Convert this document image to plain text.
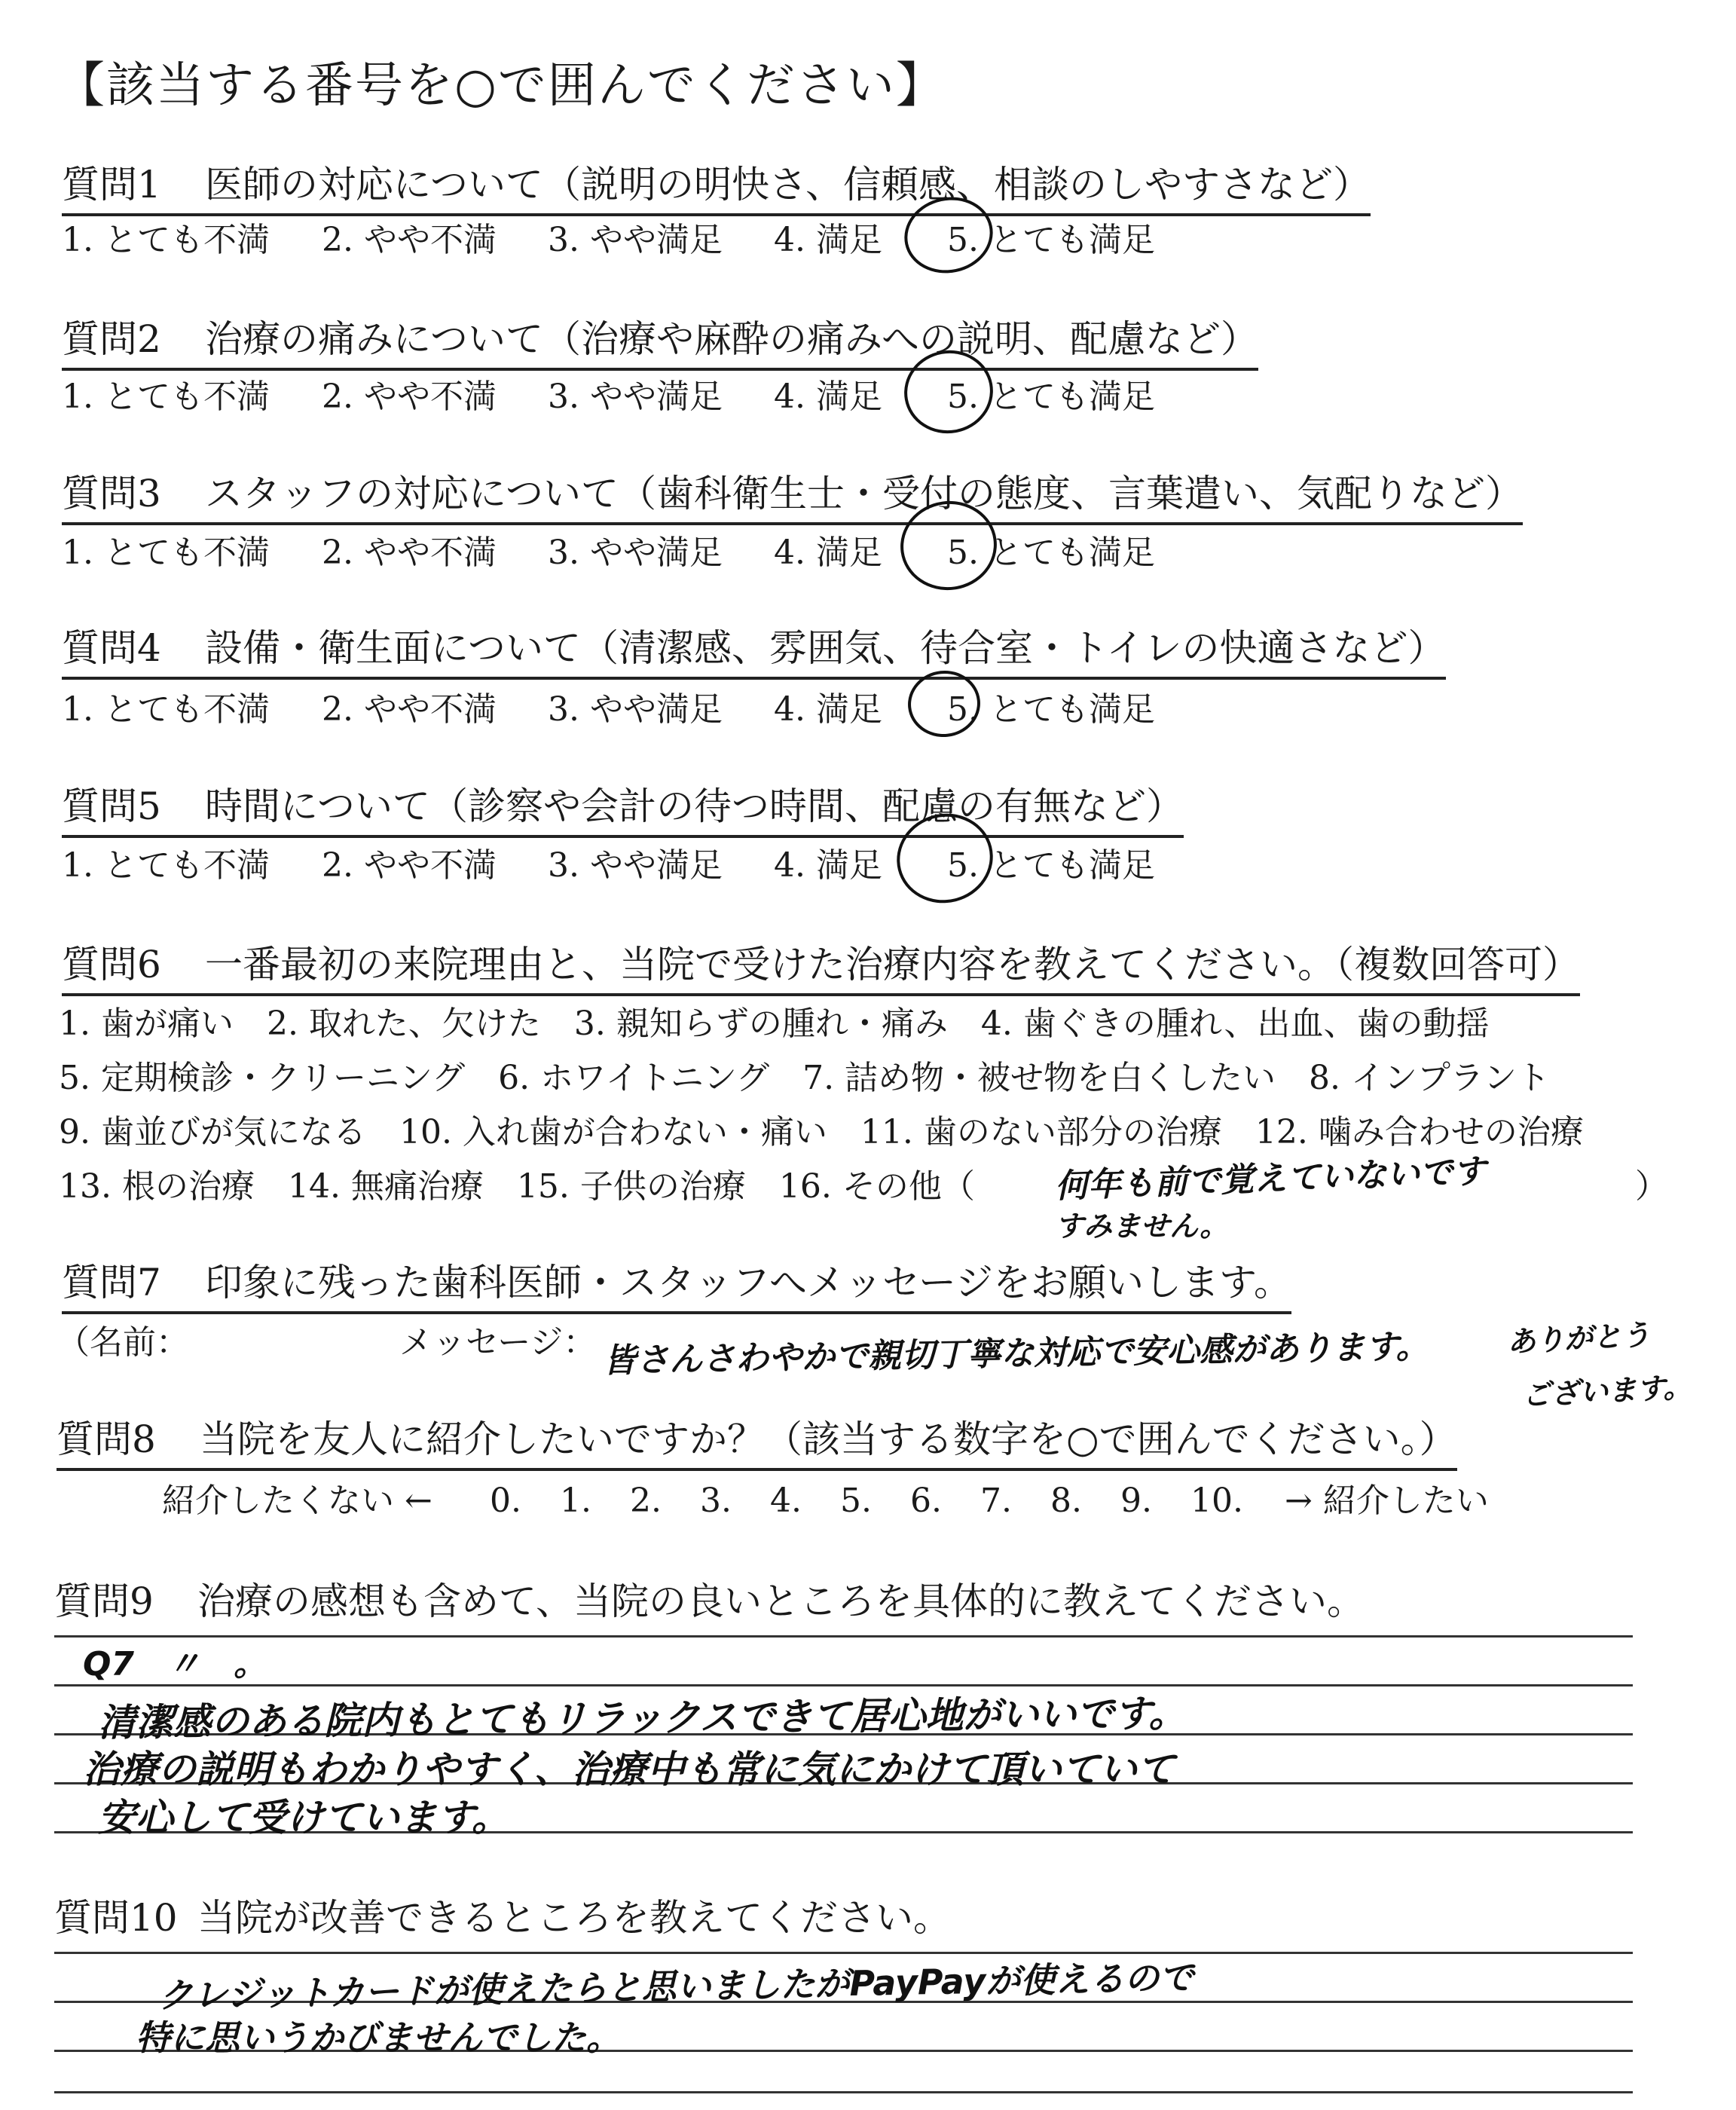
【該当する番号を○で囲んでください】
質問1 医師の対応について（説明の明快さ、信頼感、相談のしやすさなど）
1. とても不満 2. やや不満 3. やや満足 4. 満足 5. とても満足
質問2 治療の痛みについて（治療や麻酔の痛みへの説明、配慮など）
1. とても不満 2. やや不満 3. やや満足 4. 満足 5. とても満足
質問3 スタッフの対応について（歯科衛生士・受付の態度、言葉遣い、気配りなど）
1. とても不満 2. やや不満 3. やや満足 4. 満足 5. とても満足
質問4 設備・衛生面について（清潔感、雰囲気、待合室・トイレの快適さなど）
1. とても不満 2. やや不満 3. やや満足 4. 満足 5. とても満足
質問5 時間について（診察や会計の待つ時間、配慮の有無など）
1. とても不満 2. やや不満 3. やや満足 4. 満足 5. とても満足
質問6 一番最初の来院理由と、当院で受けた治療内容を教えてください。（複数回答可）
1. 歯が痛い　2. 取れた、欠けた　3. 親知らずの腫れ・痛み　4. 歯ぐきの腫れ、出血、歯の動揺
5. 定期検診・クリーニング　6. ホワイトニング　7. 詰め物・被せ物を白くしたい　8. インプラント
9. 歯並びが気になる　10. 入れ歯が合わない・痛い　11. 歯のない部分の治療　12. 噛み合わせの治療
13. 根の治療　14. 無痛治療　15. 子供の治療　16. その他（	）
何年も前で覚えていないです
すみません。
質問7 印象に残った歯科医師・スタッフへメッセージをお願いします。
（名前：	メッセージ： 皆さんさわやかで親切丁寧な対応で安心感があります。	ありがとう
ございます。
質問8 当院を友人に紹介したいですか？（該当する数字を○で囲んでください。）
紹介したくない ← 0. 1. 2. 3. 4. 5. 6. 7. 8. 9. 10. → 紹介したい
質問9 治療の感想も含めて、当院の良いところを具体的に教えてください。
Q7　〃　。
清潔感のある院内もとてもリラックスできて居心地がいいです。
治療の説明もわかりやすく、治療中も常に気にかけて頂いていて
安心して受けています。
質問10 当院が改善できるところを教えてください。
クレジットカードが使えたらと思いましたがPayPayが使えるので
特に思いうかびませんでした。
